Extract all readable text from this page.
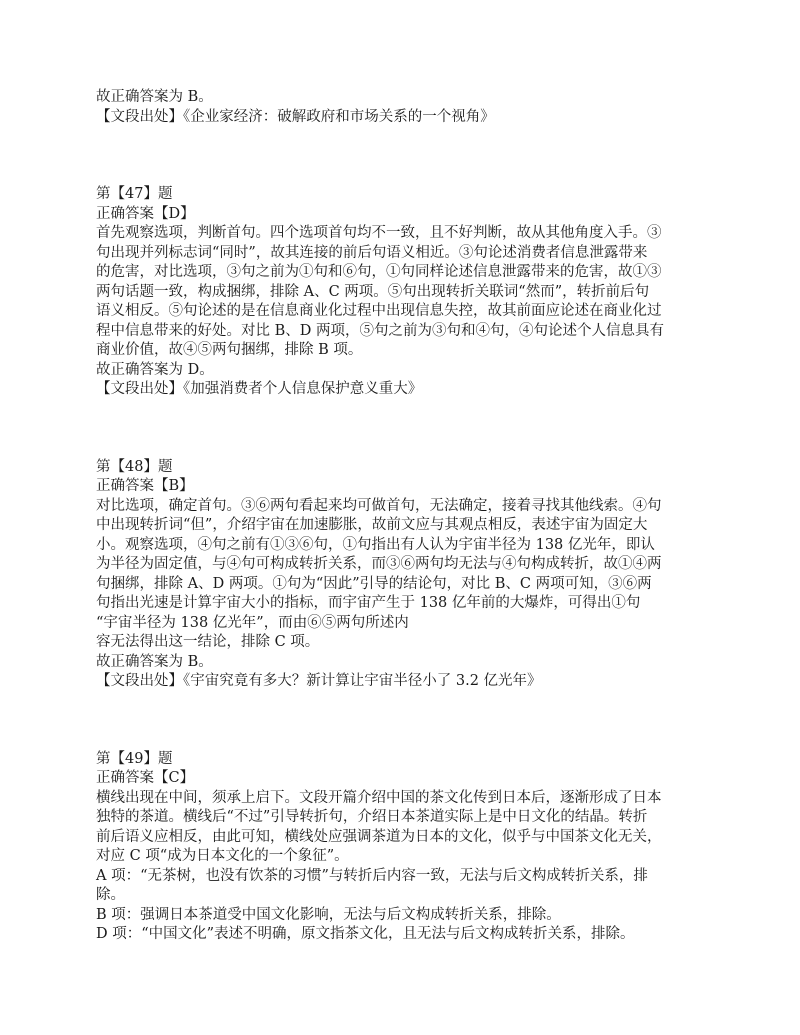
故正确答案为 B。
【文段出处】《企业家经济：破解政府和市场关系的一个视角》
第【47】题
正确答案【D】
首先观察选项，判断首句。四个选项首句均不一致，且不好判断，故从其他角度入手。③
句出现并列标志词“同时”，故其连接的前后句语义相近。③句论述消费者信息泄露带来
的危害，对比选项，③句之前为①句和⑥句，①句同样论述信息泄露带来的危害，故①③
两句话题一致，构成捆绑，排除 A、C 两项。⑤句出现转折关联词“然而”，转折前后句
语义相反。⑤句论述的是在信息商业化过程中出现信息失控，故其前面应论述在商业化过
程中信息带来的好处。对比 B、D 两项，⑤句之前为③句和④句，④句论述个人信息具有
商业价值，故④⑤两句捆绑，排除 B 项。
故正确答案为 D。
【文段出处】《加强消费者个人信息保护意义重大》
第【48】题
正确答案【B】
对比选项，确定首句。③⑥两句看起来均可做首句，无法确定，接着寻找其他线索。④句
中出现转折词“但”，介绍宇宙在加速膨胀，故前文应与其观点相反，表述宇宙为固定大
小。观察选项，④句之前有①③⑥句，①句指出有人认为宇宙半径为 138 亿光年，即认
为半径为固定值，与④句可构成转折关系，而③⑥两句均无法与④句构成转折，故①④两
句捆绑，排除 A、D 两项。①句为“因此”引导的结论句，对比 B、C 两项可知，③⑥两
句指出光速是计算宇宙大小的指标，而宇宙产生于 138 亿年前的大爆炸，可得出①句
“宇宙半径为 138 亿光年”，而由⑥⑤两句所述内
容无法得出这一结论，排除 C 项。
故正确答案为 B。
【文段出处】《宇宙究竟有多大？新计算让宇宙半径小了 3.2 亿光年》
第【49】题
正确答案【C】
横线出现在中间，须承上启下。文段开篇介绍中国的茶文化传到日本后，逐渐形成了日本
独特的茶道。横线后“不过”引导转折句，介绍日本茶道实际上是中日文化的结晶。转折
前后语义应相反，由此可知，横线处应强调茶道为日本的文化，似乎与中国茶文化无关，
对应 C 项“成为日本文化的一个象征”。
A 项：“无茶树，也没有饮茶的习惯”与转折后内容一致，无法与后文构成转折关系，排
除。
B 项：强调日本茶道受中国文化影响，无法与后文构成转折关系，排除。
D 项：“中国文化”表述不明确，原文指茶文化，且无法与后文构成转折关系，排除。
